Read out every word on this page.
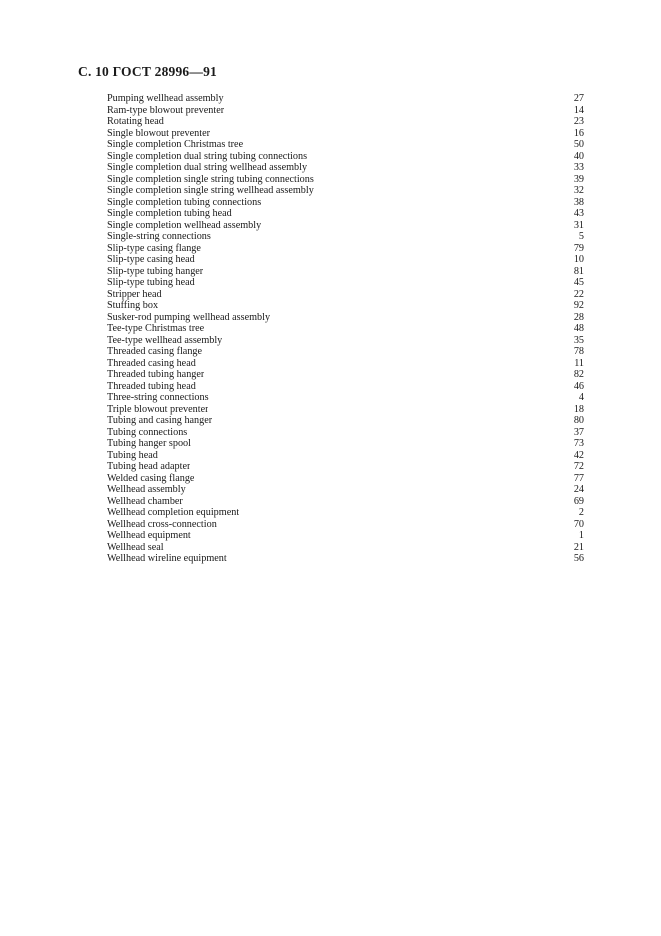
С. 10 ГОСТ 28996—91
Pumping wellhead assembly	27
Ram-type blowout preventer	14
Rotating head	23
Single blowout preventer	16
Single completion Christmas tree	50
Single completion dual string tubing connections	40
Single completion dual string wellhead assembly	33
Single completion single string tubing connections	39
Single completion single string wellhead assembly	32
Single completion tubing connections	38
Single completion tubing head	43
Single completion wellhead assembly	31
Single-string connections	5
Slip-type casing flange	79
Slip-type casing head	10
Slip-type tubing hanger	81
Slip-type tubing head	45
Stripper head	22
Stuffing box	92
Susker-rod pumping wellhead assembly	28
Tee-type Christmas tree	48
Tee-type wellhead assembly	35
Threaded casing flange	78
Threaded casing head	11
Threaded tubing hanger	82
Threaded tubing head	46
Three-string connections	4
Triple blowout preventer	18
Tubing and casing hanger	80
Tubing connections	37
Tubing hanger spool	73
Tubing head	42
Tubing head adapter	72
Welded casing flange	77
Wellhead assembly	24
Wellhead chamber	69
Wellhead completion equipment	2
Wellhead cross-connection	70
Wellhead equipment	1
Wellhead seal	21
Wellhead wireline equipment	56
